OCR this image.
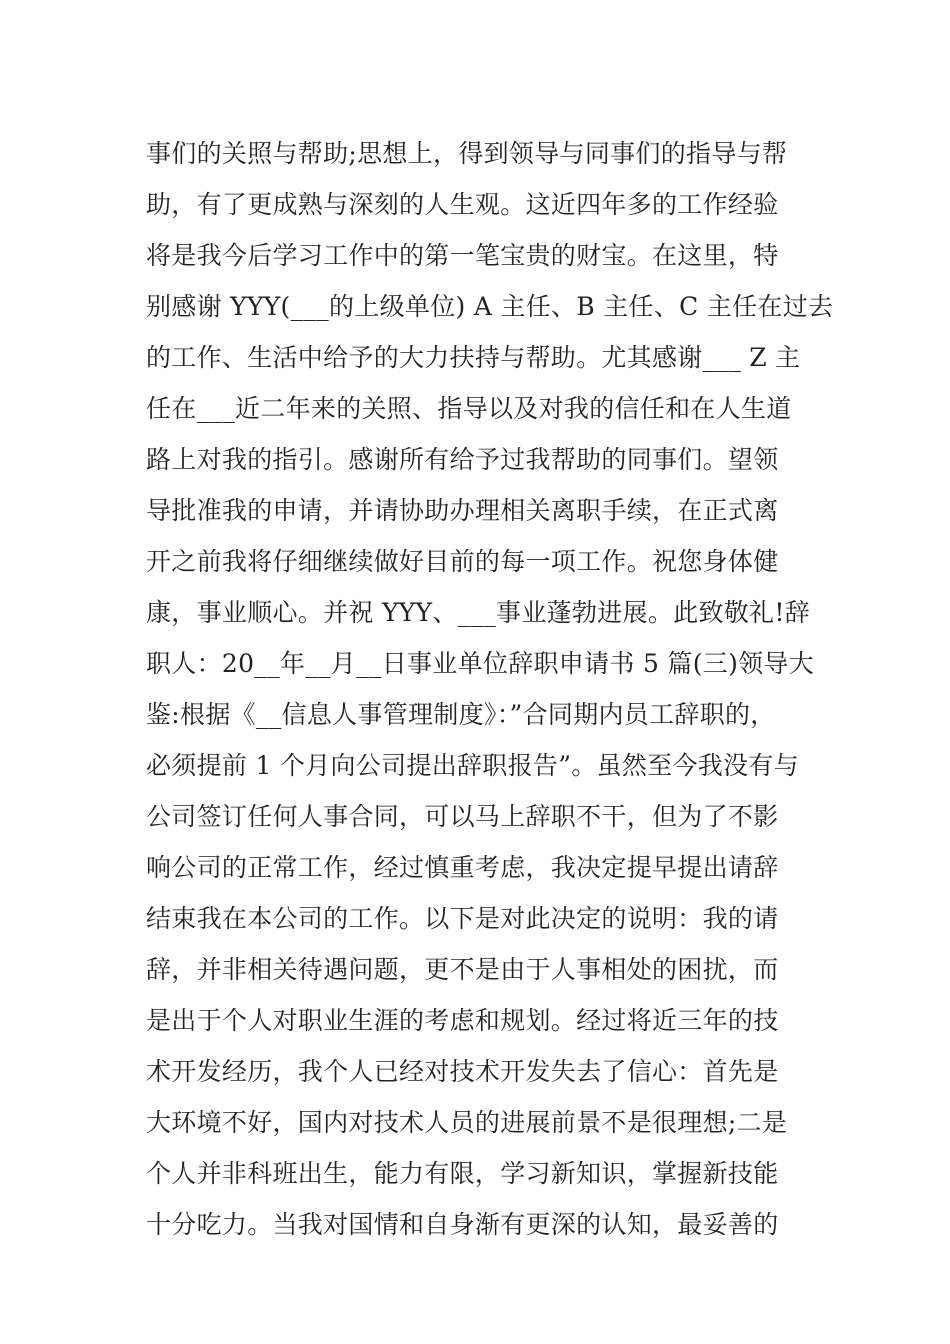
事们的关照与帮助;思想上，得到领导与同事们的指导与帮
助，有了更成熟与深刻的人生观。这近四年多的工作经验
将是我今后学习工作中的第一笔宝贵的财宝。在这里，特
别感谢 YYY(___的上级单位) A 主任、B 主任、C 主任在过去
的工作、生活中给予的大力扶持与帮助。尤其感谢___ Z 主
任在___近二年来的关照、指导以及对我的信任和在人生道
路上对我的指引。感谢所有给予过我帮助的同事们。望领
导批准我的申请，并请协助办理相关离职手续，在正式离
开之前我将仔细继续做好目前的每一项工作。祝您身体健
康，事业顺心。并祝 YYY、___事业蓬勃进展。此致敬礼!辞
职人：20__年__月__日事业单位辞职申请书 5 篇(三)领导大
鉴:根据《__信息人事管理制度》：”合同期内员工辞职的，
必须提前 1 个月向公司提出辞职报告”。虽然至今我没有与
公司签订任何人事合同，可以马上辞职不干，但为了不影
响公司的正常工作，经过慎重考虑，我决定提早提出请辞
结束我在本公司的工作。以下是对此决定的说明：我的请
辞，并非相关待遇问题，更不是由于人事相处的困扰，而
是出于个人对职业生涯的考虑和规划。经过将近三年的技
术开发经历，我个人已经对技术开发失去了信心：首先是
大环境不好，国内对技术人员的进展前景不是很理想;二是
个人并非科班出生，能力有限，学习新知识，掌握新技能
十分吃力。当我对国情和自身渐有更深的认知，最妥善的
